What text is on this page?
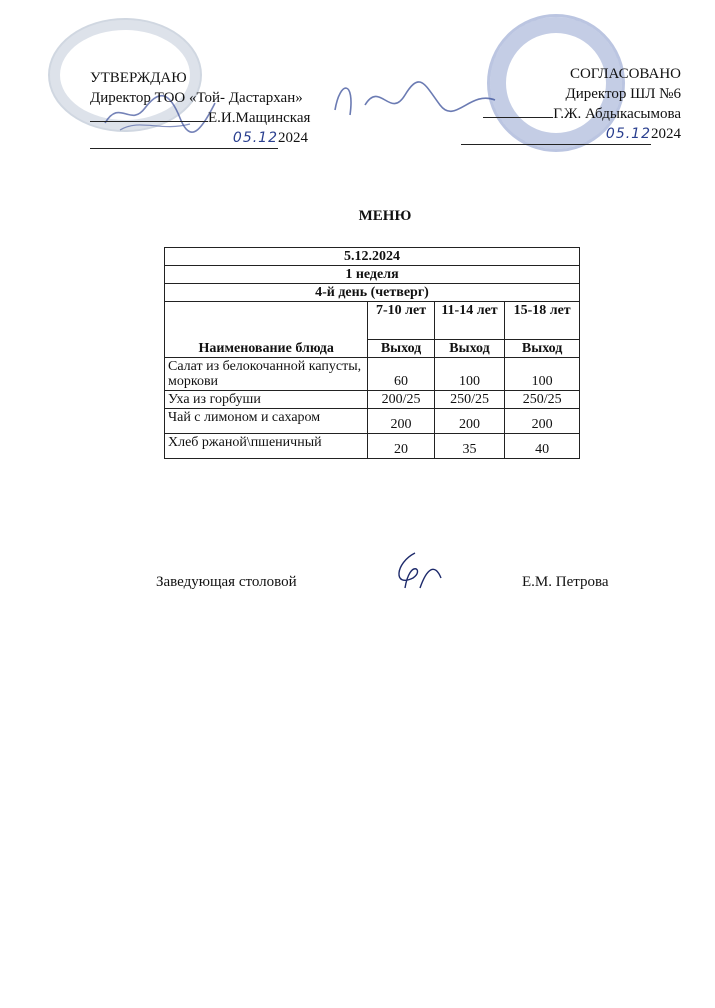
УТВЕРЖДАЮ
Директор ТОО «Той- Дастархан»
Е.И.Мащинская
05.122024
СОГЛАСОВАНО
Директор ШЛ №6
Г.Ж. Абдыкасымова
05.122024
МЕНЮ
5.12.2024			
1 неделя			
4-й день (четверг)			
Наименование блюда	7-10 лет	11-14 лет	15-18 лет
	Выход	Выход	Выход
Салат из белокочанной капусты, моркови	60	100	100
Уха из горбуши	200/25	250/25	250/25
Чай с лимоном и сахаром	200	200	200
Хлеб ржаной\пшеничный	20	35	40
Заведующая столовой	Е.М. Петрова
